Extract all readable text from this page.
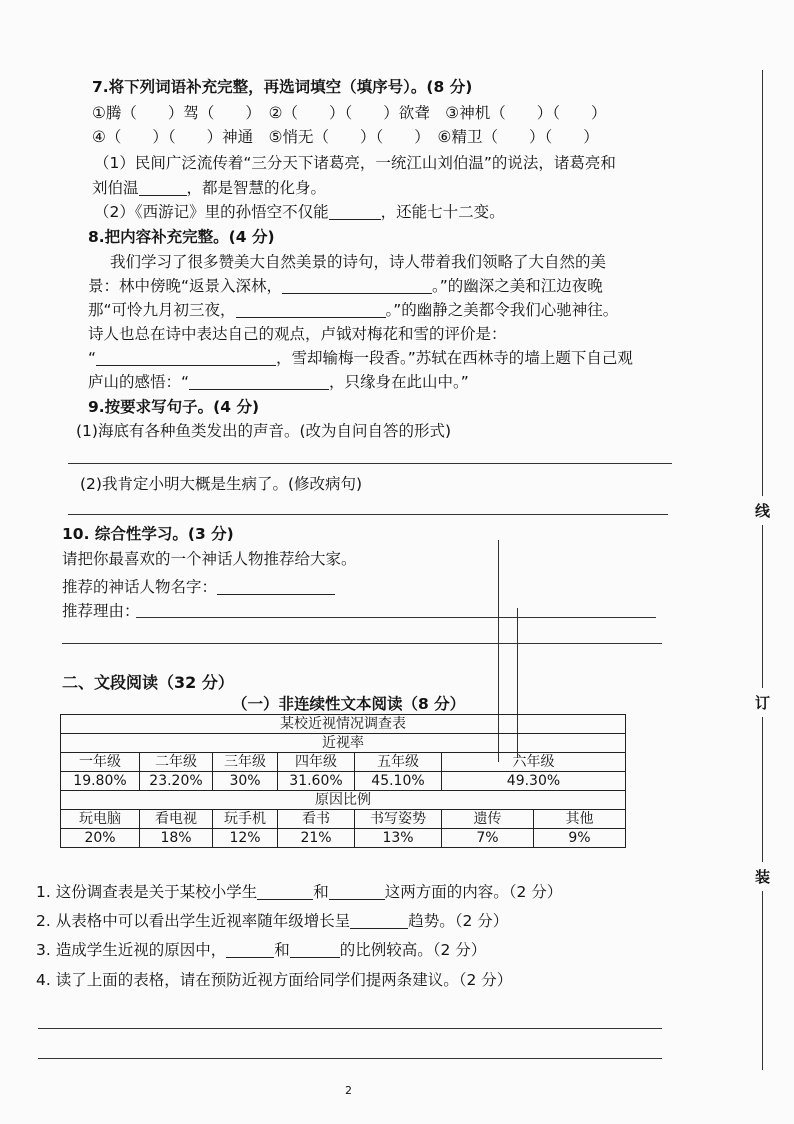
7.将下列词语补充完整，再选词填空（填序号）。(8 分)
①腾（　　）驾（　　）　②（　　）（　　）欲聋　③神机（　　）（　　）
④（　　）（　　）神通　⑤悄无（　　）（　　）　⑥精卫（　　）（　　）
（1）民间广泛流传着“三分天下诸葛亮，一统江山刘伯温”的说法，诸葛亮和
刘伯温	，都是智慧的化身。
（2）《西游记》里的孙悟空不仅能	，还能七十二变。
8.把内容补充完整。(4 分)
我们学习了很多赞美大自然美景的诗句，诗人带着我们领略了大自然的美
景：林中傍晚“返景入深林，	。”的幽深之美和江边夜晚
那“可怜九月初三夜，	。”的幽静之美都令我们心驰神往。
诗人也总在诗中表达自己的观点，卢钺对梅花和雪的评价是：
“	，雪却输梅一段香。”苏轼在西林寺的墙上题下自己观
庐山的感悟：“	，只缘身在此山中。”
9.按要求写句子。(4 分)
(1)海底有各种鱼类发出的声音。(改为自问自答的形式)
(2)我肯定小明大概是生病了。(修改病句)
10. 综合性学习。(3 分)
请把你最喜欢的一个神话人物推荐给大家。
推荐的神话人物名字：
推荐理由：
二、文段阅读（32 分）
（一）非连续性文本阅读（8 分）
某校近视情况调查表						
近视率						
一年级	二年级	三年级	四年级	五年级	六年级	
19.80%	23.20%	30%	31.60%	45.10%	49.30%	
原因比例						
玩电脑	看电视	玩手机	看书	书写姿势	遗传	其他
20%	18%	12%	21%	13%	7%	9%
1. 这份调查表是关于某校小学生	和	这两方面的内容。（2 分）
2. 从表格中可以看出学生近视率随年级增长呈	趋势。（2 分）
3. 造成学生近视的原因中，	和	的比例较高。（2 分）
4. 读了上面的表格，请在预防近视方面给同学们提两条建议。（2 分）
线
订
装
2
